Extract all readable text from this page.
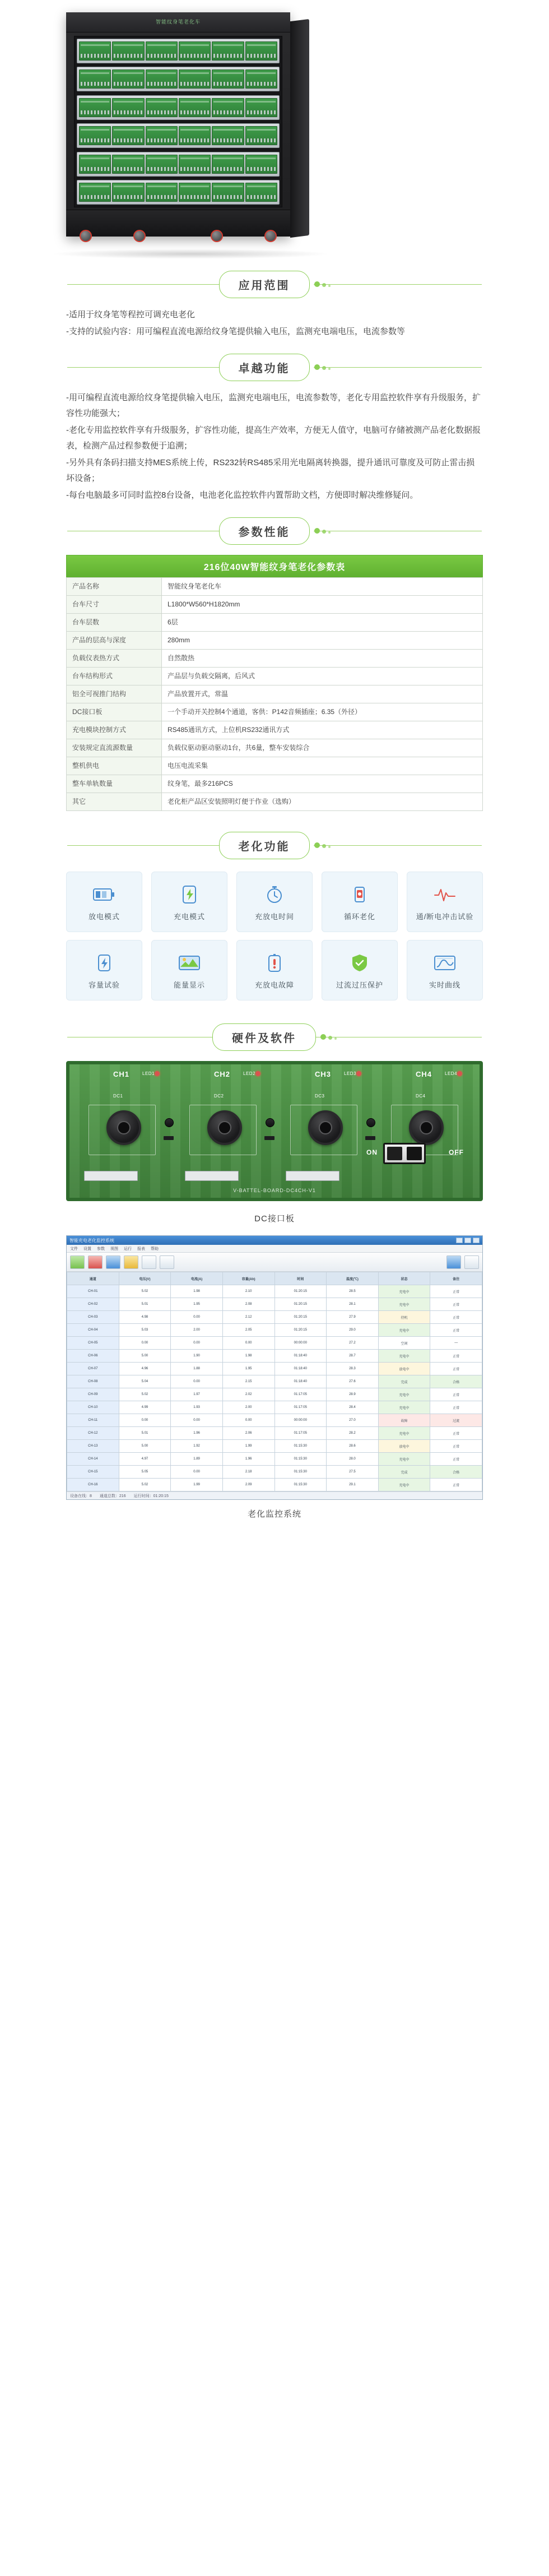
智能纹身笔老化车
应用范围

-适用于纹身笔等程控可调充电老化

-支持的试验内容：用可编程直流电源给纹身笔提供输入电压，监测充电端电压，电流参数等

卓越功能

-用可编程直流电源给纹身笔提供输入电压，监测充电端电压，电流参数等，老化专用监控软件享有升级服务，扩容性功能强大；

-老化专用监控软件享有升级服务，扩容性功能，提高生产效率，方便无人值守，电脑可存储被测产品老化数据报表，检测产品过程参数便于追溯；

-另外具有条码扫描支持MES系统上传，RS232转RS485采用光电隔离转换器，提升通讯可靠度及可防止雷击损坏设备；

-每台电脑最多可同时监控8台设备，电池老化监控软件内置帮助文档，方便即时解决维修疑问。

参数性能
216位40W智能纹身笔老化参数表
产品名称	智能纹身笔老化车
台车尺寸	L1800*W560*H1820mm
台车层数	6层
产品的层高与深度	280mm
负载仪表热方式	自然散热
台车结构形式	产品层与负载交隔离，后风式
铝全可视推门结构	产品放置开式，常温
DC接口板	一个手动开关控制4个通道，客供：P142音频插座；6.35（外径）
充电模块控制方式	RS485通讯方式，上位机RS232通讯方式
安装规定直流源数量	负载仪驱动驱动驱动1台，共6量，整车安装综合
整机供电	电压电流采集
整车单轨数量	纹身笔，最多216PCS
其它	老化柜产品区安装照明灯便于作业（选购）
老化功能
放电模式	充电模式	充放电时间	循环老化	通/断电冲击试验
容量试验	能量显示	充放电故障	过流过压保护	实时曲线
硬件及软件
CH1	CH2	CH3	CH4
LED1	LED2	LED3	LED4
DC1	DC2	DC3	DC4
ON	OFF
V-BATTEL-BOARD-DC4CH-V1
DC接口板
智能充电老化监控系统
文件 设置 参数 视图 运行 报表 帮助
通道	电压(V)	电流(A)	容量(Ah)	时间	温度(℃)	状态	备注
CH-01	5.02	1.98	2.10	01:20:15	28.5	充电中	正常
CH-02	5.01	1.95	2.08	01:20:15	28.1	充电中	正常
CH-03	4.98	0.00	2.12	01:20:15	27.9	待机	正常
CH-04	5.03	2.00	2.05	01:20:15	29.0	充电中	正常
CH-05	0.00	0.00	0.00	00:00:00	27.2	空闲	—
CH-06	5.00	1.90	1.98	01:18:40	28.7	充电中	正常
CH-07	4.96	1.88	1.95	01:18:40	28.3	放电中	正常
CH-08	5.04	0.00	2.15	01:18:40	27.6	完成	合格
CH-09	5.02	1.97	2.02	01:17:05	28.9	充电中	正常
CH-10	4.99	1.93	2.00	01:17:05	28.4	充电中	正常
CH-11	0.00	0.00	0.00	00:00:00	27.0	故障	过流
CH-12	5.01	1.96	2.06	01:17:05	28.2	充电中	正常
CH-13	5.00	1.92	1.99	01:15:30	28.6	放电中	正常
CH-14	4.97	1.89	1.96	01:15:30	28.0	充电中	正常
CH-15	5.05	0.00	2.18	01:15:30	27.5	完成	合格
CH-16	5.02	1.99	2.09	01:15:30	29.1	充电中	正常
设备在线：8 通道总数：216 运行时间：01:20:15
老化监控系统
